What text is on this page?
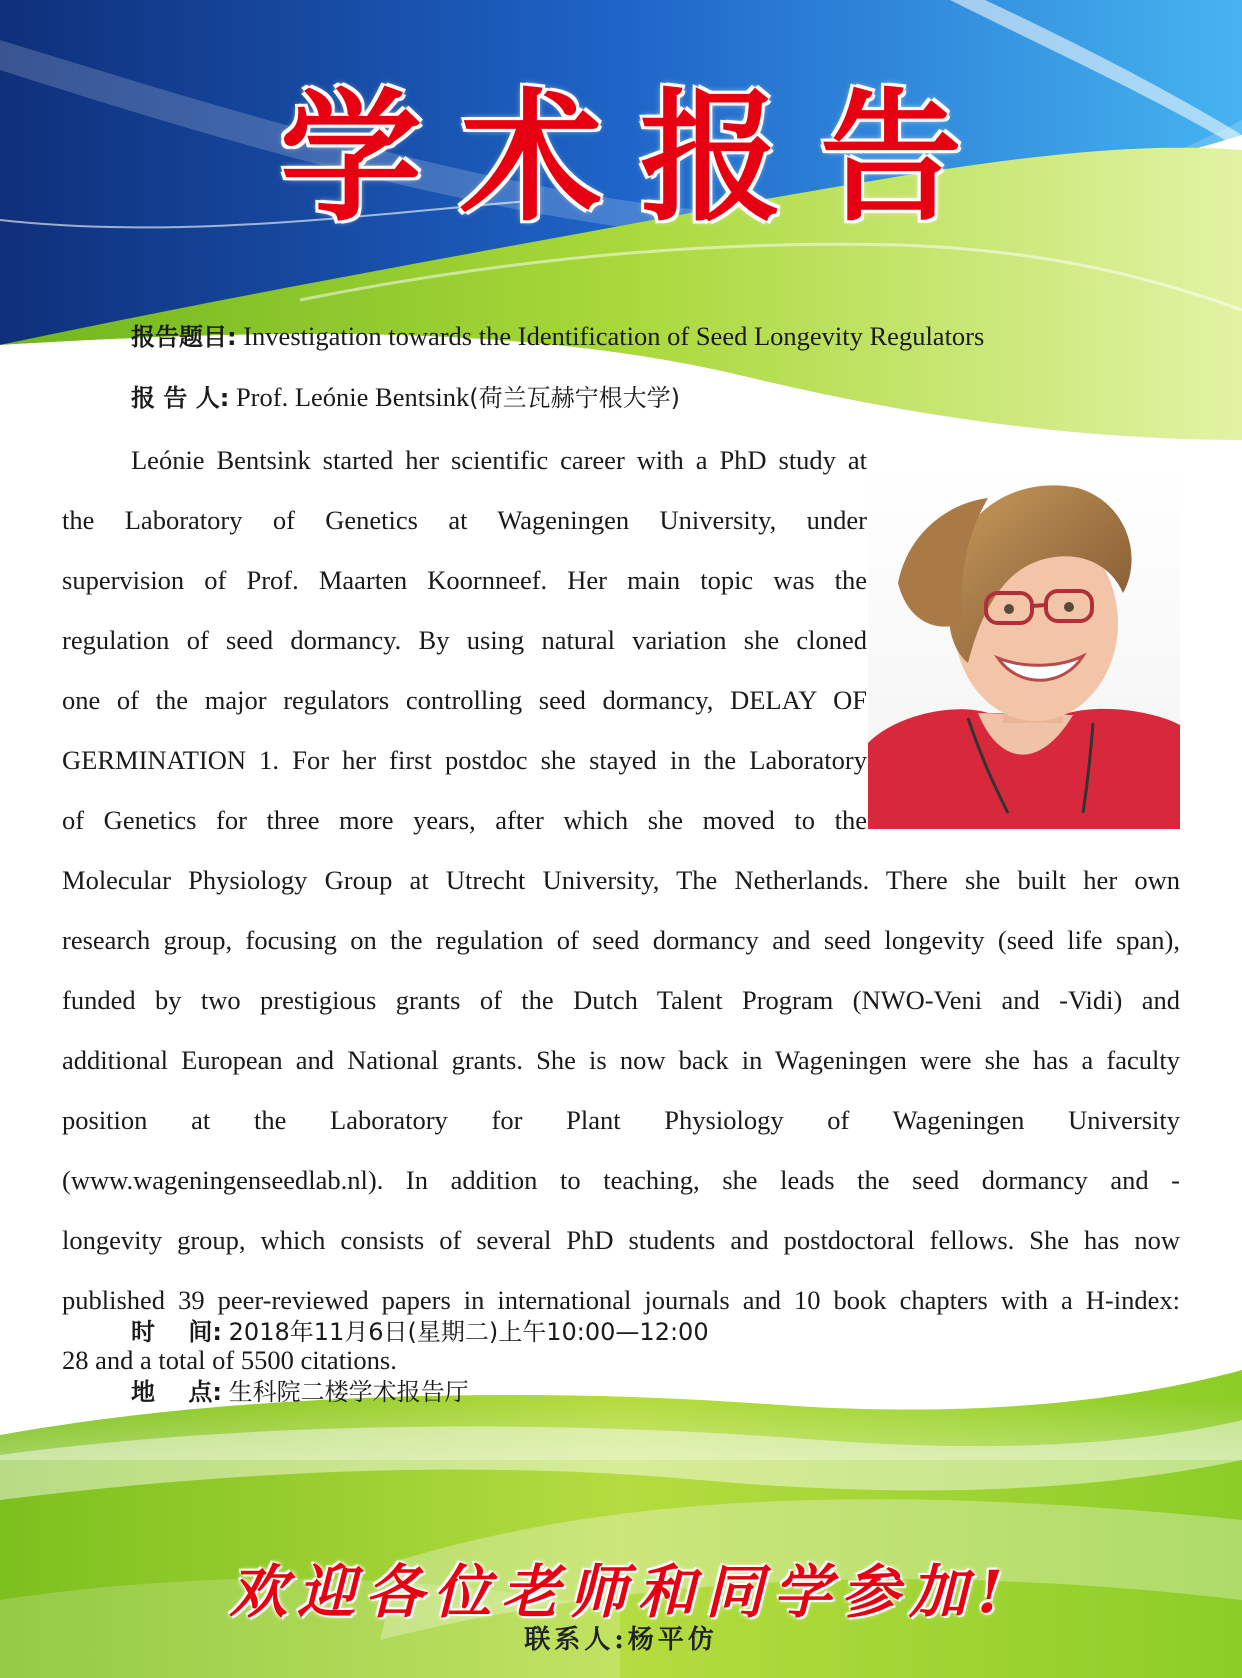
学术报告
报告题目: Investigation towards the Identification of Seed Longevity Regulators
报 告 人: Prof. Leónie Bentsink(荷兰瓦赫宁根大学)
Leónie Bentsink started her scientific career with a PhD study at
the Laboratory of Genetics at Wageningen University, under
supervision of Prof. Maarten Koornneef. Her main topic was the
regulation of seed dormancy. By using natural variation she cloned
one of the major regulators controlling seed dormancy, DELAY OF
GERMINATION 1. For her first postdoc she stayed in the Laboratory
of Genetics for three more years, after which she moved to the
Molecular Physiology Group at Utrecht University, The Netherlands. There she built her own
research group, focusing on the regulation of seed dormancy and seed longevity (seed life span),
funded by two prestigious grants of the Dutch Talent Program (NWO-Veni and -Vidi) and
additional European and National grants. She is now back in Wageningen were she has a faculty
position at the Laboratory for Plant Physiology of Wageningen University
(www.wageningenseedlab.nl). In addition to teaching, she leads the seed dormancy and -
longevity group, which consists of several PhD students and postdoctoral fellows. She has now
published 39 peer-reviewed papers in international journals and 10 book chapters with a H-index:
28 and a total of 5500 citations.
时    间: 2018年11月6日(星期二)上午10:00—12:00
地    点: 生科院二楼学术报告厅
欢迎各位老师和同学参加!
联系人:杨平仿
